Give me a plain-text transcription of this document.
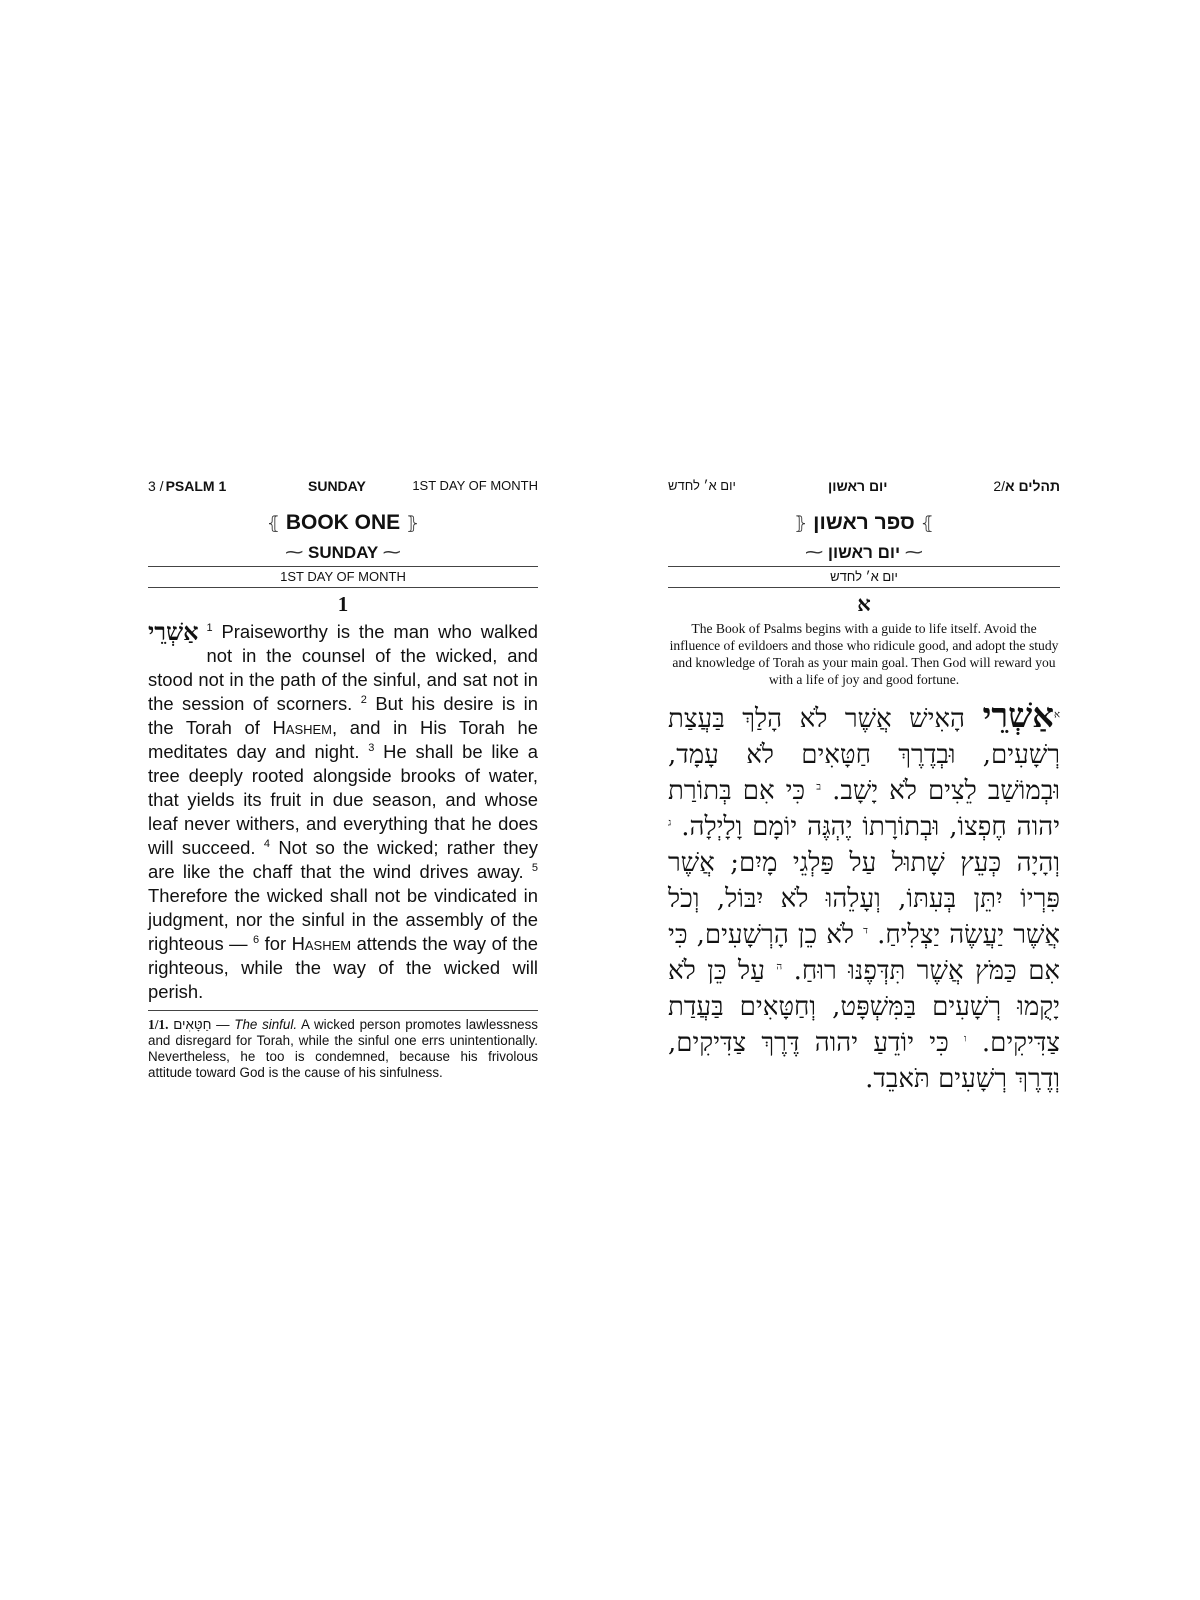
3 / PSALM 1	SUNDAY	1ST DAY OF MONTH
⦃ BOOK ONE ⦄
⁓ SUNDAY ⁓
1ST DAY OF MONTH
1

אַשְׁרֵי $^1$ Praiseworthy is the man who walked not in the counsel of the wicked, and stood not in the path of the sinful, and sat not in the session of scorners. $^2$ But his desire is in the Torah of Hashem, and in His Torah he meditates day and night. $^3$ He shall be like a tree deeply rooted alongside brooks of water, that yields its fruit in due season, and whose leaf never withers, and everything that he does will succeed. $^4$ Not so the wicked; rather they are like the chaff that the wind drives away. $^5$ Therefore the wicked shall not be vindicated in judgment, nor the sinful in the assembly of the righteous — $^6$ for Hashem attends the way of the righteous, while the way of the wicked will perish.

1/1. חַטָּאִים — The sinful. A wicked person promotes lawlessness and disregard for Torah, while the sinful one errs unintentionally. Nevertheless, he too is condemned, because his frivolous attitude toward God is the cause of his sinfulness.
יום א׳ לחדש	יום ראשון	תהלים א/2
⦄ ספר ראשון ⦃
⁓ יום ראשון ⁓
יום א׳ לחדש
א
The Book of Psalms begins with a guide to life itself. Avoid the influence of evildoers and those who ridicule good, and adopt the study and knowledge of Torah as your main goal. Then God will reward you with a life of joy and good fortune.
$^א$אַשְׁרֵי הָאִישׁ אֲשֶׁר לֹא הָלַךְ בַּעֲצַת רְשָׁעִים, וּבְדֶרֶךְ חַטָּאִים לֹא עָמָד, וּבְמוֹשַׁב לֵצִים לֹא יָשָׁב. $^ב$ כִּי אִם בְּתוֹרַת יהוה חֶפְצוֹ, וּבְתוֹרָתוֹ יֶהְגֶּה יוֹמָם וָלָיְלָה. $^ג$ וְהָיָה כְּעֵץ שָׁתוּל עַל פַּלְגֵי מָיִם; אֲשֶׁר פִּרְיוֹ יִתֵּן בְּעִתּוֹ, וְעָלֵהוּ לֹא יִבּוֹל, וְכֹל אֲשֶׁר יַעֲשֶׂה יַצְלִיחַ. $^ד$ לֹא כֵן הָרְשָׁעִים, כִּי אִם כַּמֹּץ אֲשֶׁר תִּדְּפֶנּוּ רוּחַ. $^ה$ עַל כֵּן לֹא יָקֻמוּ רְשָׁעִים בַּמִּשְׁפָּט, וְחַטָּאִים בַּעֲדַת צַדִּיקִים. $^ו$ כִּי יוֹדֵעַ יהוה דֶּרֶךְ צַדִּיקִים, וְדֶרֶךְ רְשָׁעִים תֹּאבֵד.
